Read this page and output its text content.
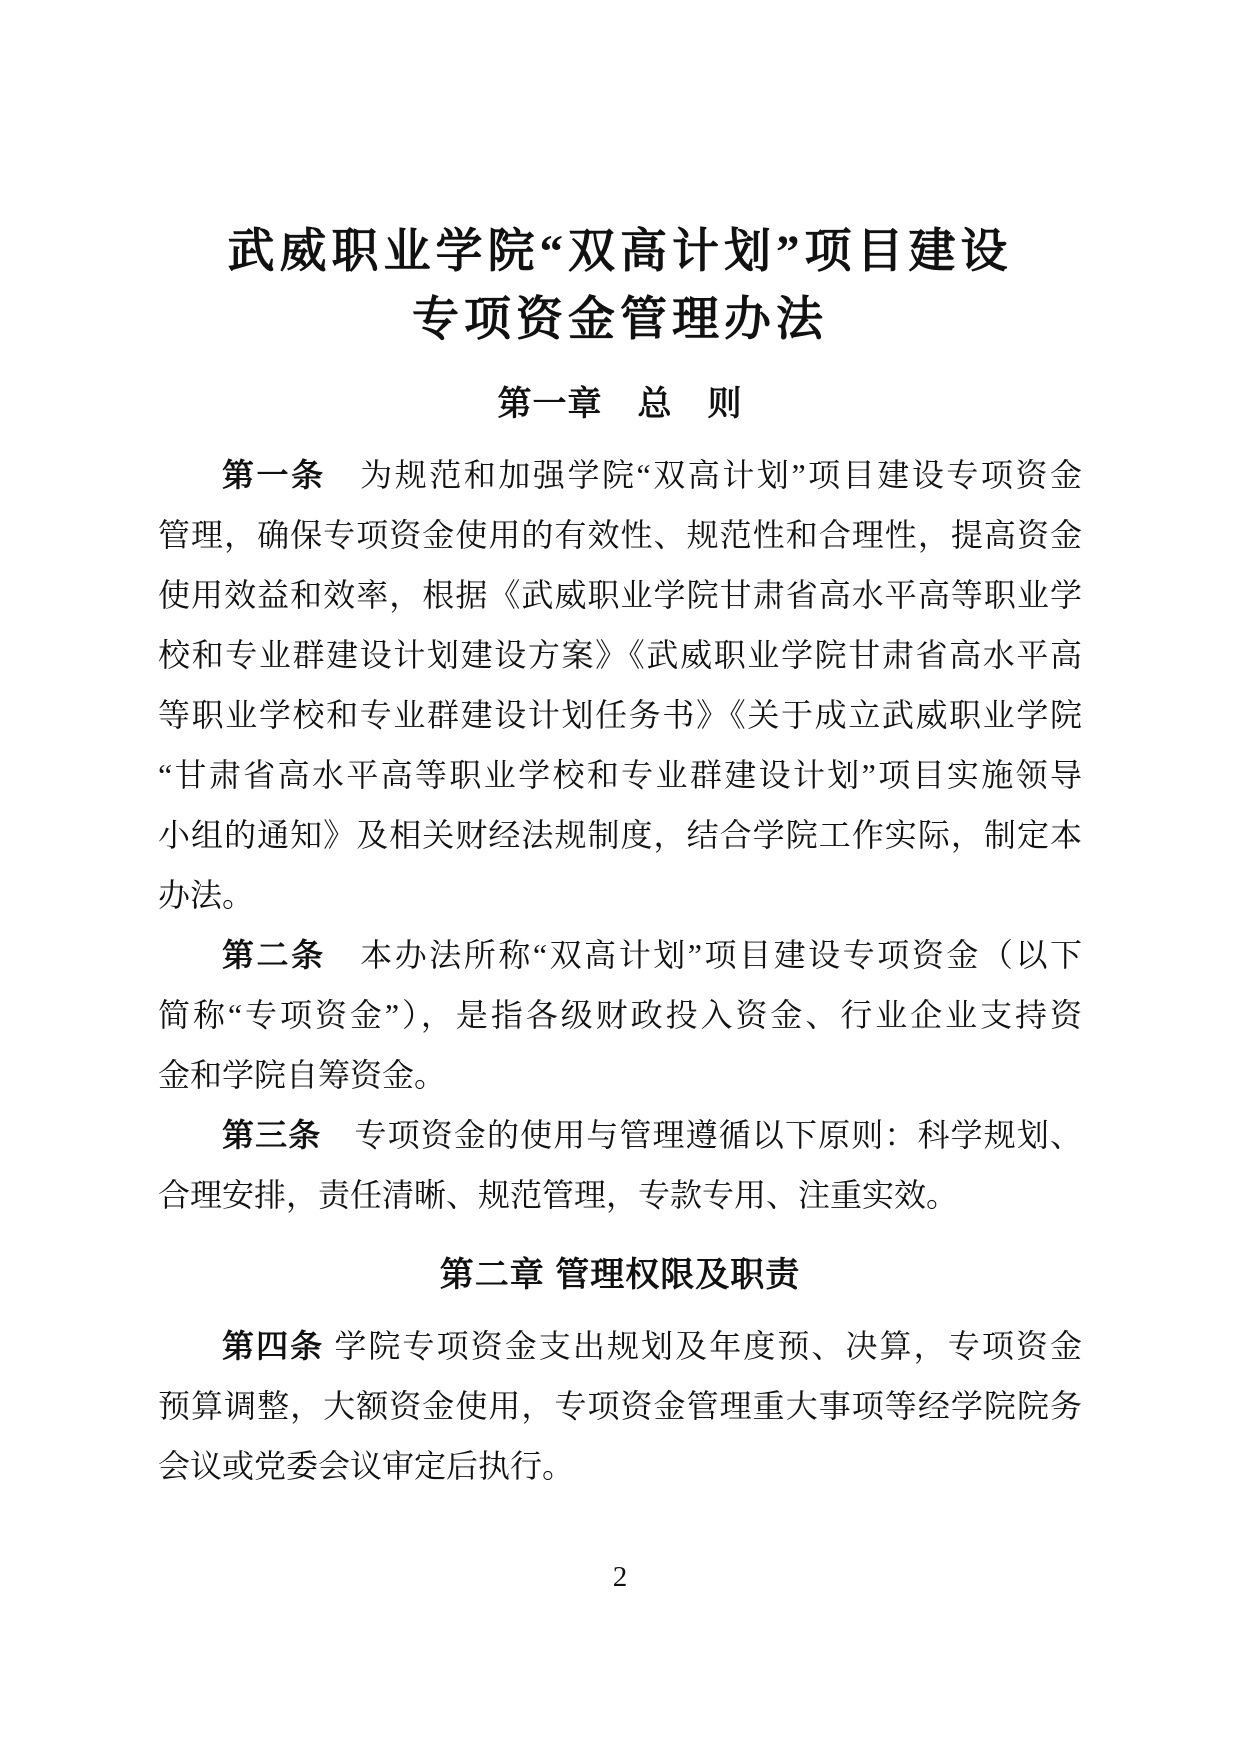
武威职业学院“双高计划”项目建设
专项资金管理办法
第一章　总　则
第一条　为规范和加强学院“双高计划”项目建设专项资金
管理，确保专项资金使用的有效性、规范性和合理性，提高资金
使用效益和效率，根据《武威职业学院甘肃省高水平高等职业学
校和专业群建设计划建设方案》《武威职业学院甘肃省高水平高
等职业学校和专业群建设计划任务书》《关于成立武威职业学院
“甘肃省高水平高等职业学校和专业群建设计划”项目实施领导
小组的通知》及相关财经法规制度，结合学院工作实际，制定本
办法。
第二条　本办法所称“双高计划”项目建设专项资金（以下
简称“专项资金”），是指各级财政投入资金、行业企业支持资
金和学院自筹资金。
第三条　专项资金的使用与管理遵循以下原则：科学规划、
合理安排，责任清晰、规范管理，专款专用、注重实效。
第二章 管理权限及职责
第四条 学院专项资金支出规划及年度预、决算，专项资金
预算调整，大额资金使用，专项资金管理重大事项等经学院院务
会议或党委会议审定后执行。
2
